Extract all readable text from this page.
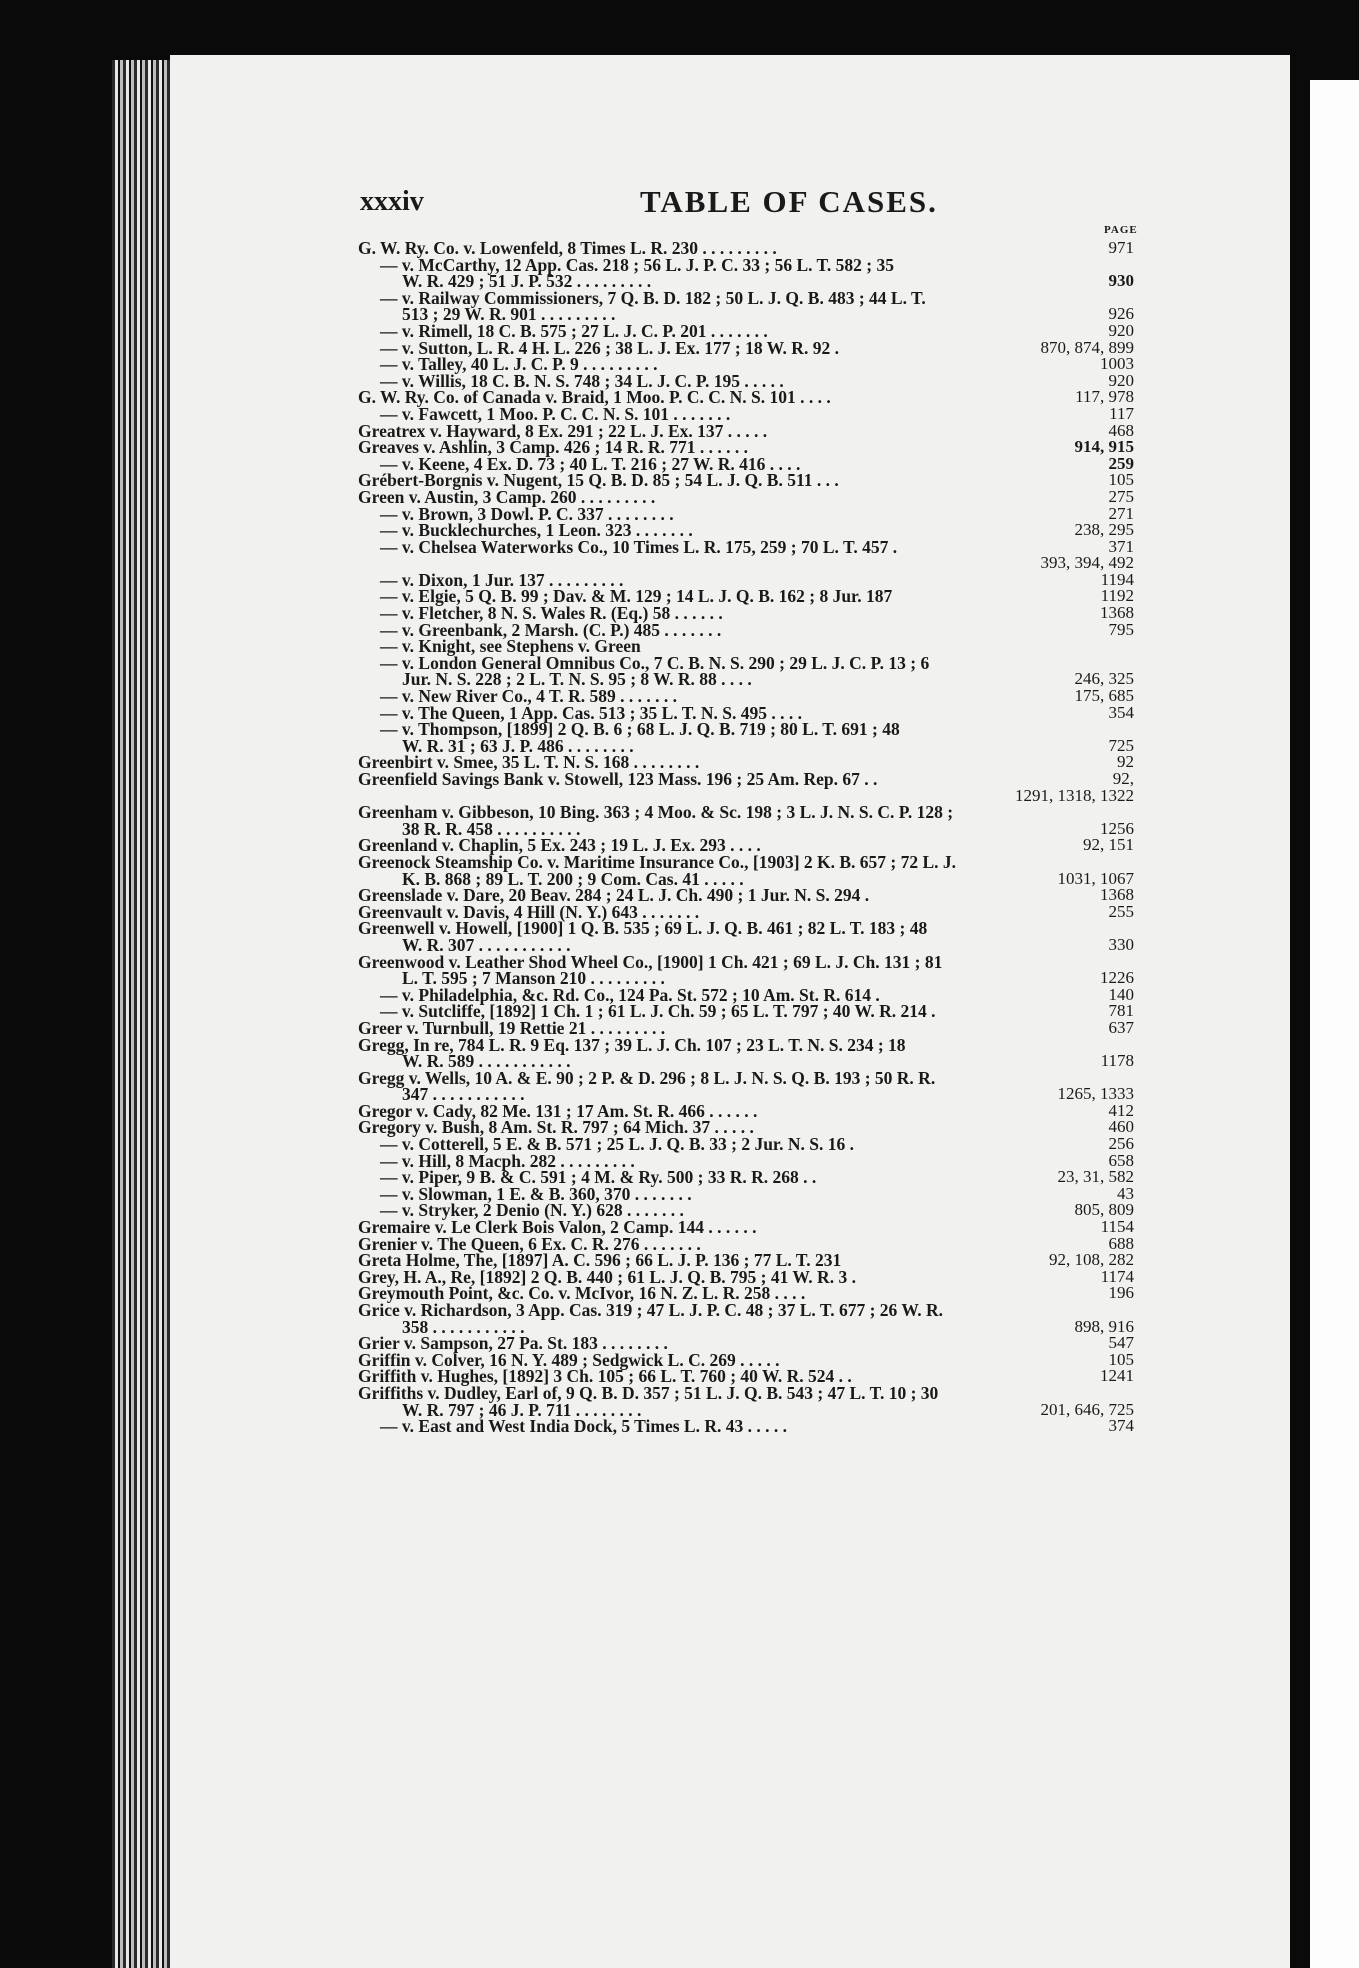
xxxiv	TABLE OF CASES.
PAGE
G. W. Ry. Co. v. Lowenfeld, 8 Times L. R. 230 . . . . . . . . .	971
— v. McCarthy, 12 App. Cas. 218 ; 56 L. J. P. C. 33 ; 56 L. T. 582 ; 35
W. R. 429 ; 51 J. P. 532 . . . . . . . . .	930
— v. Railway Commissioners, 7 Q. B. D. 182 ; 50 L. J. Q. B. 483 ; 44 L. T.
513 ; 29 W. R. 901 . . . . . . . . .	926
— v. Rimell, 18 C. B. 575 ; 27 L. J. C. P. 201 . . . . . . .	920
— v. Sutton, L. R. 4 H. L. 226 ; 38 L. J. Ex. 177 ; 18 W. R. 92 .	870, 874, 899
— v. Talley, 40 L. J. C. P. 9 . . . . . . . . .	1003
— v. Willis, 18 C. B. N. S. 748 ; 34 L. J. C. P. 195 . . . . .	920
G. W. Ry. Co. of Canada v. Braid, 1 Moo. P. C. C. N. S. 101 . . . .	117, 978
— v. Fawcett, 1 Moo. P. C. C. N. S. 101 . . . . . . .	117
Greatrex v. Hayward, 8 Ex. 291 ; 22 L. J. Ex. 137 . . . . .	468
Greaves v. Ashlin, 3 Camp. 426 ; 14 R. R. 771 . . . . . .	914, 915
— v. Keene, 4 Ex. D. 73 ; 40 L. T. 216 ; 27 W. R. 416 . . . .	259
Grébert-Borgnis v. Nugent, 15 Q. B. D. 85 ; 54 L. J. Q. B. 511 . . .	105
Green v. Austin, 3 Camp. 260 . . . . . . . . .	275
— v. Brown, 3 Dowl. P. C. 337 . . . . . . . .	271
— v. Bucklechurches, 1 Leon. 323 . . . . . . .	238, 295
— v. Chelsea Waterworks Co., 10 Times L. R. 175, 259 ; 70 L. T. 457 .	371
393, 394, 492
— v. Dixon, 1 Jur. 137 . . . . . . . . .	1194
— v. Elgie, 5 Q. B. 99 ; Dav. & M. 129 ; 14 L. J. Q. B. 162 ; 8 Jur. 187	1192
— v. Fletcher, 8 N. S. Wales R. (Eq.) 58 . . . . . .	1368
— v. Greenbank, 2 Marsh. (C. P.) 485 . . . . . . .	795
— v. Knight, see Stephens v. Green
— v. London General Omnibus Co., 7 C. B. N. S. 290 ; 29 L. J. C. P. 13 ; 6
Jur. N. S. 228 ; 2 L. T. N. S. 95 ; 8 W. R. 88 . . . .	246, 325
— v. New River Co., 4 T. R. 589 . . . . . . .	175, 685
— v. The Queen, 1 App. Cas. 513 ; 35 L. T. N. S. 495 . . . .	354
— v. Thompson, [1899] 2 Q. B. 6 ; 68 L. J. Q. B. 719 ; 80 L. T. 691 ; 48
W. R. 31 ; 63 J. P. 486 . . . . . . . .	725
Greenbirt v. Smee, 35 L. T. N. S. 168 . . . . . . . .	92
Greenfield Savings Bank v. Stowell, 123 Mass. 196 ; 25 Am. Rep. 67 . .	92,
1291, 1318, 1322
Greenham v. Gibbeson, 10 Bing. 363 ; 4 Moo. & Sc. 198 ; 3 L. J. N. S. C. P. 128 ;
38 R. R. 458 . . . . . . . . . .	1256
Greenland v. Chaplin, 5 Ex. 243 ; 19 L. J. Ex. 293 . . . .	92, 151
Greenock Steamship Co. v. Maritime Insurance Co., [1903] 2 K. B. 657 ; 72 L. J.
K. B. 868 ; 89 L. T. 200 ; 9 Com. Cas. 41 . . . . .	1031, 1067
Greenslade v. Dare, 20 Beav. 284 ; 24 L. J. Ch. 490 ; 1 Jur. N. S. 294 .	1368
Greenvault v. Davis, 4 Hill (N. Y.) 643 . . . . . . .	255
Greenwell v. Howell, [1900] 1 Q. B. 535 ; 69 L. J. Q. B. 461 ; 82 L. T. 183 ; 48
W. R. 307 . . . . . . . . . . .	330
Greenwood v. Leather Shod Wheel Co., [1900] 1 Ch. 421 ; 69 L. J. Ch. 131 ; 81
L. T. 595 ; 7 Manson 210 . . . . . . . . .	1226
— v. Philadelphia, &c. Rd. Co., 124 Pa. St. 572 ; 10 Am. St. R. 614 .	140
— v. Sutcliffe, [1892] 1 Ch. 1 ; 61 L. J. Ch. 59 ; 65 L. T. 797 ; 40 W. R. 214 .	781
Greer v. Turnbull, 19 Rettie 21 . . . . . . . . .	637
Gregg, In re, 784 L. R. 9 Eq. 137 ; 39 L. J. Ch. 107 ; 23 L. T. N. S. 234 ; 18
W. R. 589 . . . . . . . . . . .	1178
Gregg v. Wells, 10 A. & E. 90 ; 2 P. & D. 296 ; 8 L. J. N. S. Q. B. 193 ; 50 R. R.
347 . . . . . . . . . . .	1265, 1333
Gregor v. Cady, 82 Me. 131 ; 17 Am. St. R. 466 . . . . . .	412
Gregory v. Bush, 8 Am. St. R. 797 ; 64 Mich. 37 . . . . .	460
— v. Cotterell, 5 E. & B. 571 ; 25 L. J. Q. B. 33 ; 2 Jur. N. S. 16 .	256
— v. Hill, 8 Macph. 282 . . . . . . . . .	658
— v. Piper, 9 B. & C. 591 ; 4 M. & Ry. 500 ; 33 R. R. 268 . .	23, 31, 582
— v. Slowman, 1 E. & B. 360, 370 . . . . . . .	43
— v. Stryker, 2 Denio (N. Y.) 628 . . . . . . .	805, 809
Gremaire v. Le Clerk Bois Valon, 2 Camp. 144 . . . . . .	1154
Grenier v. The Queen, 6 Ex. C. R. 276 . . . . . . .	688
Greta Holme, The, [1897] A. C. 596 ; 66 L. J. P. 136 ; 77 L. T. 231	92, 108, 282
Grey, H. A., Re, [1892] 2 Q. B. 440 ; 61 L. J. Q. B. 795 ; 41 W. R. 3 .	1174
Greymouth Point, &c. Co. v. McIvor, 16 N. Z. L. R. 258 . . . .	196
Grice v. Richardson, 3 App. Cas. 319 ; 47 L. J. P. C. 48 ; 37 L. T. 677 ; 26 W. R.
358 . . . . . . . . . . .	898, 916
Grier v. Sampson, 27 Pa. St. 183 . . . . . . . .	547
Griffin v. Colver, 16 N. Y. 489 ; Sedgwick L. C. 269 . . . . .	105
Griffith v. Hughes, [1892] 3 Ch. 105 ; 66 L. T. 760 ; 40 W. R. 524 . .	1241
Griffiths v. Dudley, Earl of, 9 Q. B. D. 357 ; 51 L. J. Q. B. 543 ; 47 L. T. 10 ; 30
W. R. 797 ; 46 J. P. 711 . . . . . . . .	201, 646, 725
— v. East and West India Dock, 5 Times L. R. 43 . . . . .	374
